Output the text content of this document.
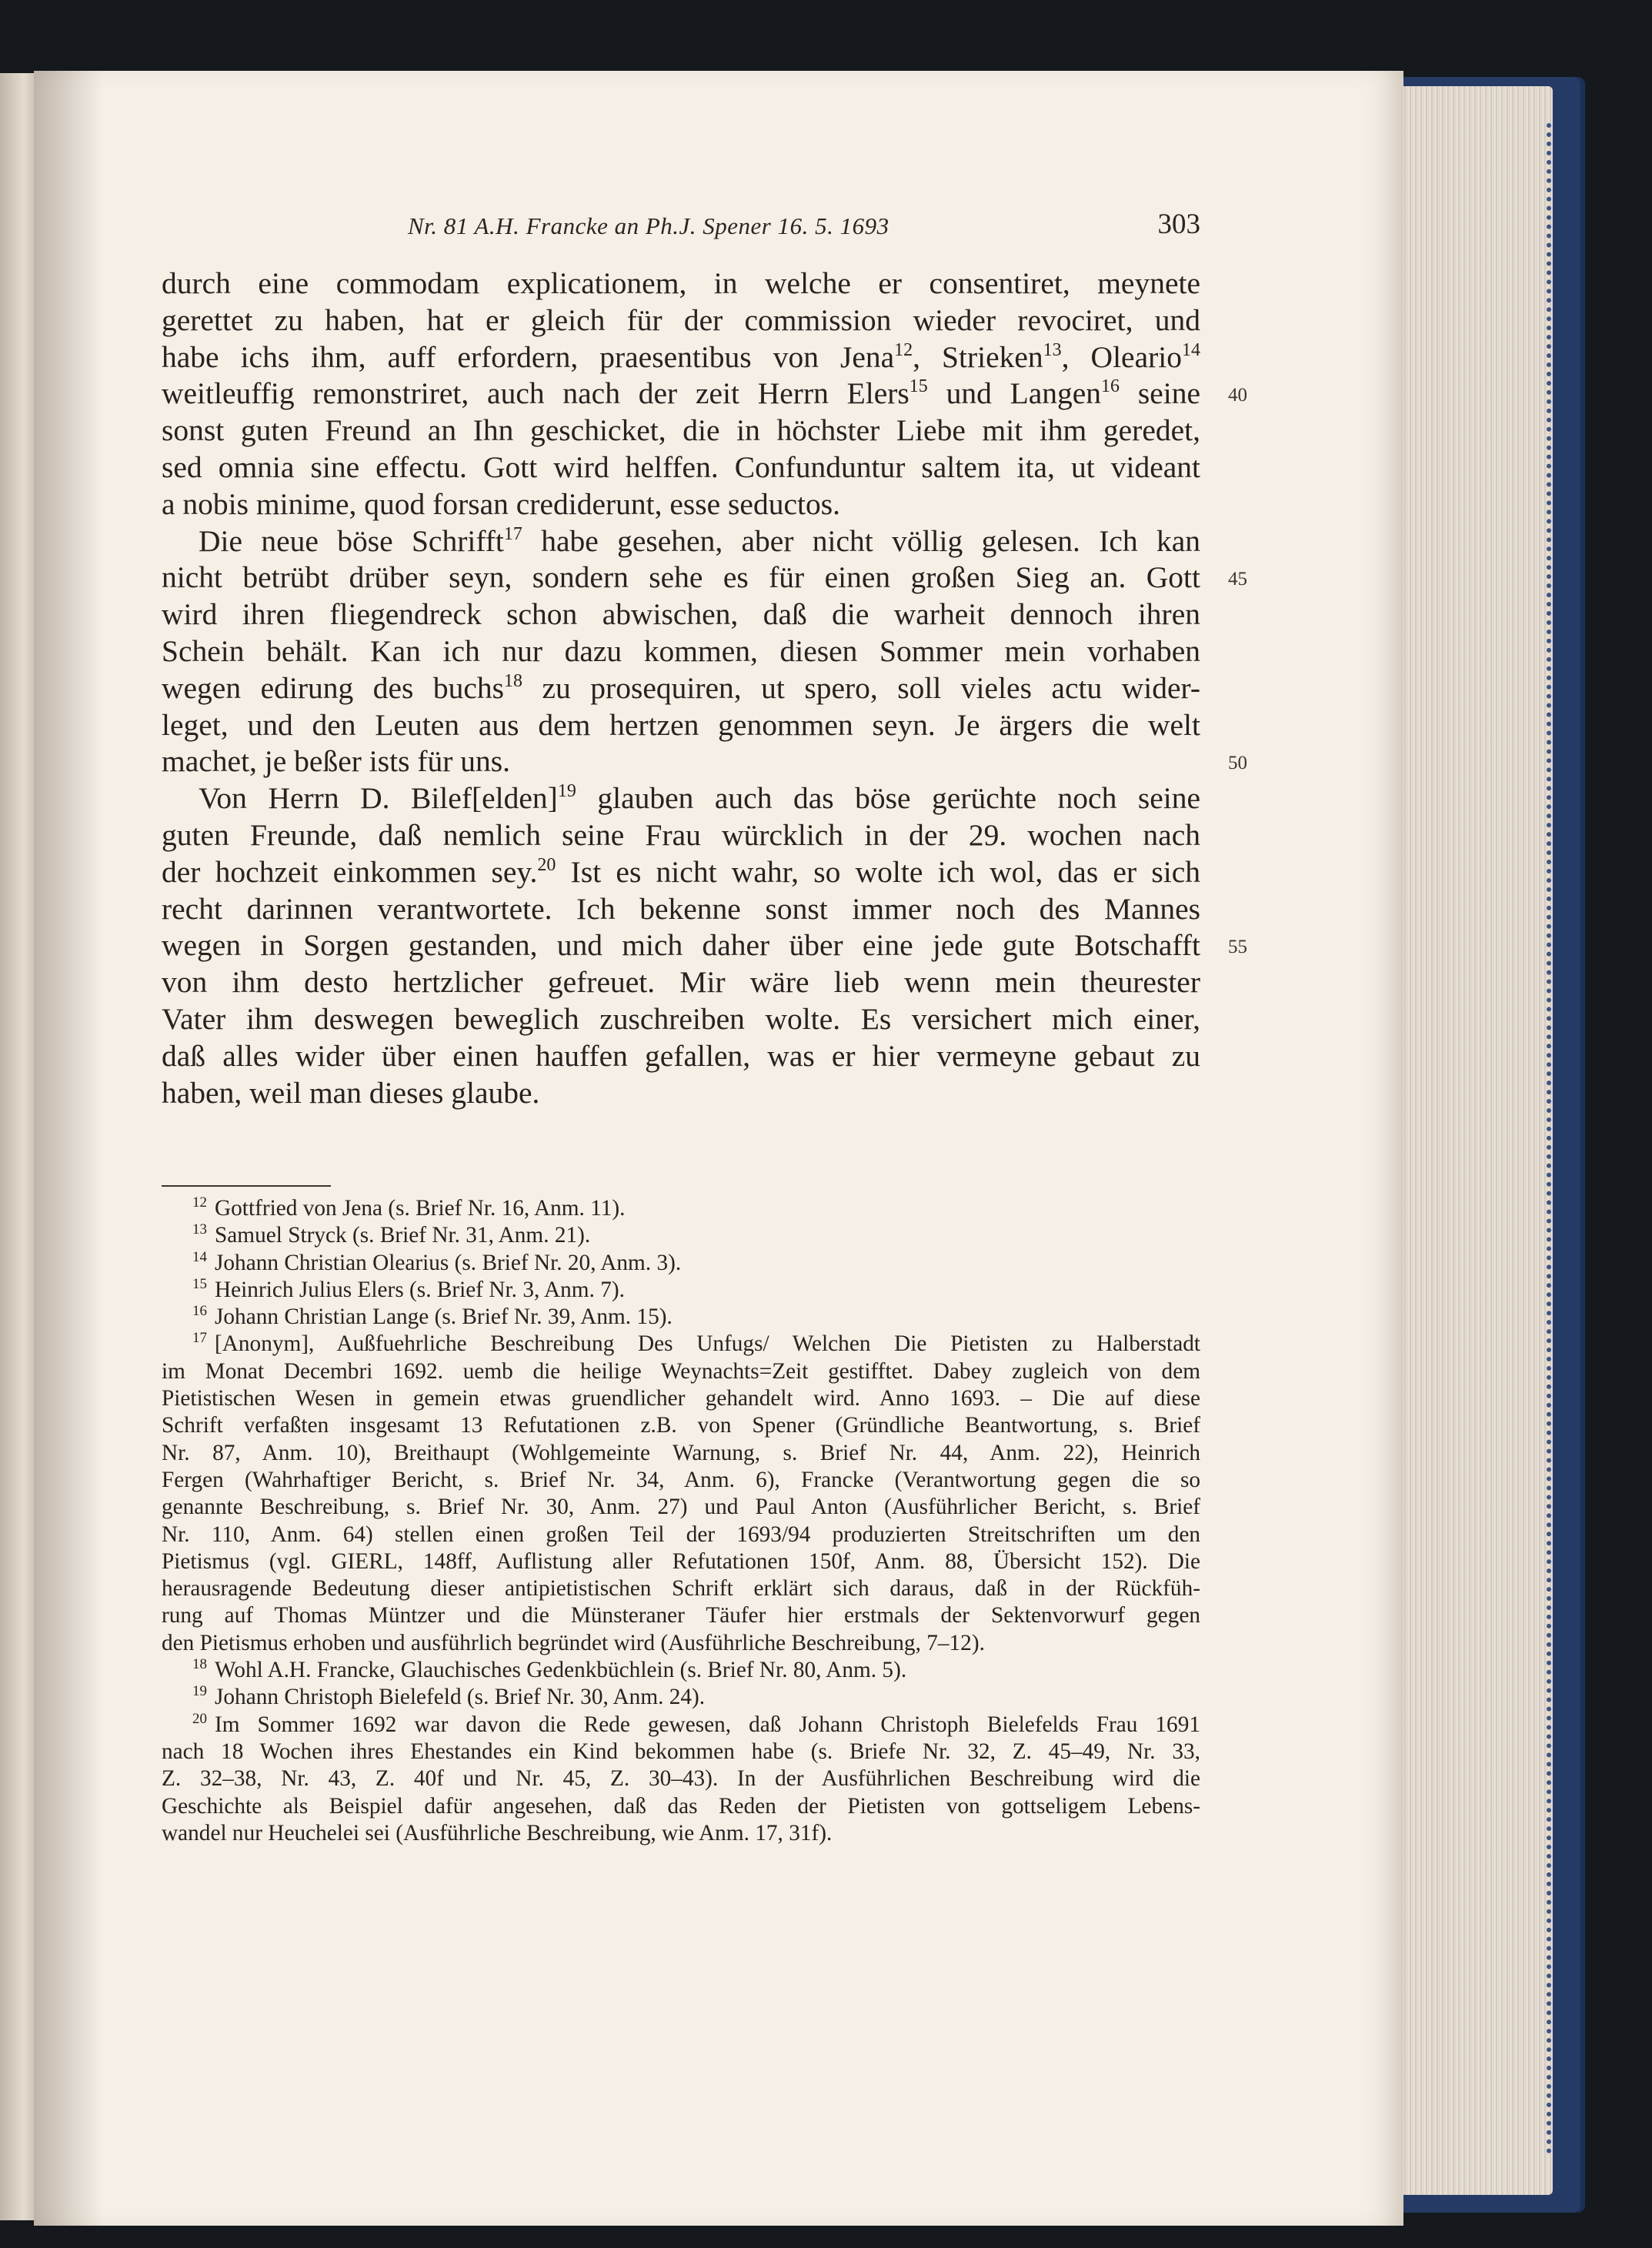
Nr. 81 A.H. Francke an Ph.J. Spener 16. 5. 1693	303
durch eine commodam explicationem, in welche er consentiret, meynete
gerettet zu haben, hat er gleich für der commission wieder revociret, und
habe ichs ihm, auff erfordern, praesentibus von Jena$^{12}$, Strieken$^{13}$, Oleario$^{14}$
weitleuffig remonstriret, auch nach der zeit Herrn Elers$^{15}$ und Langen$^{16}$ seine
sonst guten Freund an Ihn geschicket, die in höchster Liebe mit ihm geredet,
sed omnia sine effectu. Gott wird helffen. Confunduntur saltem ita, ut videant
a nobis minime, quod forsan crediderunt, esse seductos.
Die neue böse Schrifft$^{17}$ habe gesehen, aber nicht völlig gelesen. Ich kan
nicht betrübt drüber seyn, sondern sehe es für einen großen Sieg an. Gott
wird ihren fliegendreck schon abwischen, daß die warheit dennoch ihren
Schein behält. Kan ich nur dazu kommen, diesen Sommer mein vorhaben
wegen edirung des buchs$^{18}$ zu prosequiren, ut spero, soll vieles actu wider-
leget, und den Leuten aus dem hertzen genommen seyn. Je ärgers die welt
machet, je beßer ists für uns.
Von Herrn D. Bilef[elden]$^{19}$ glauben auch das böse gerüchte noch seine
guten Freunde, daß nemlich seine Frau würcklich in der 29. wochen nach
der hochzeit einkommen sey.$^{20}$ Ist es nicht wahr, so wolte ich wol, das er sich
recht darinnen verantwortete. Ich bekenne sonst immer noch des Mannes
wegen in Sorgen gestanden, und mich daher über eine jede gute Botschafft
von ihm desto hertzlicher gefreuet. Mir wäre lieb wenn mein theurester
Vater ihm deswegen beweglich zuschreiben wolte. Es versichert mich einer,
daß alles wider über einen hauffen gefallen, was er hier vermeyne gebaut zu
haben, weil man dieses glaube.
40
45
50
55
$^{12}$ Gottfried von Jena (s. Brief Nr. 16, Anm. 11).
$^{13}$ Samuel Stryck (s. Brief Nr. 31, Anm. 21).
$^{14}$ Johann Christian Olearius (s. Brief Nr. 20, Anm. 3).
$^{15}$ Heinrich Julius Elers (s. Brief Nr. 3, Anm. 7).
$^{16}$ Johann Christian Lange (s. Brief Nr. 39, Anm. 15).
$^{17}$ [Anonym], Außfuehrliche Beschreibung Des Unfugs/ Welchen Die Pietisten zu Halberstadt
im Monat Decembri 1692. uemb die heilige Weynachts=Zeit gestifftet. Dabey zugleich von dem
Pietistischen Wesen in gemein etwas gruendlicher gehandelt wird. Anno 1693. – Die auf diese
Schrift verfaßten insgesamt 13 Refutationen z.B. von Spener (Gründliche Beantwortung, s. Brief
Nr. 87, Anm. 10), Breithaupt (Wohlgemeinte Warnung, s. Brief Nr. 44, Anm. 22), Heinrich
Fergen (Wahrhaftiger Bericht, s. Brief Nr. 34, Anm. 6), Francke (Verantwortung gegen die so
genannte Beschreibung, s. Brief Nr. 30, Anm. 27) und Paul Anton (Ausführlicher Bericht, s. Brief
Nr. 110, Anm. 64) stellen einen großen Teil der 1693/94 produzierten Streitschriften um den
Pietismus (vgl. GIERL, 148ff, Auflistung aller Refutationen 150f, Anm. 88, Übersicht 152). Die
herausragende Bedeutung dieser antipietistischen Schrift erklärt sich daraus, daß in der Rückfüh-
rung auf Thomas Müntzer und die Münsteraner Täufer hier erstmals der Sektenvorwurf gegen
den Pietismus erhoben und ausführlich begründet wird (Ausführliche Beschreibung, 7–12).
$^{18}$ Wohl A.H. Francke, Glauchisches Gedenkbüchlein (s. Brief Nr. 80, Anm. 5).
$^{19}$ Johann Christoph Bielefeld (s. Brief Nr. 30, Anm. 24).
$^{20}$ Im Sommer 1692 war davon die Rede gewesen, daß Johann Christoph Bielefelds Frau 1691
nach 18 Wochen ihres Ehestandes ein Kind bekommen habe (s. Briefe Nr. 32, Z. 45–49, Nr. 33,
Z. 32–38, Nr. 43, Z. 40f und Nr. 45, Z. 30–43). In der Ausführlichen Beschreibung wird die
Geschichte als Beispiel dafür angesehen, daß das Reden der Pietisten von gottseligem Lebens-
wandel nur Heuchelei sei (Ausführliche Beschreibung, wie Anm. 17, 31f).
